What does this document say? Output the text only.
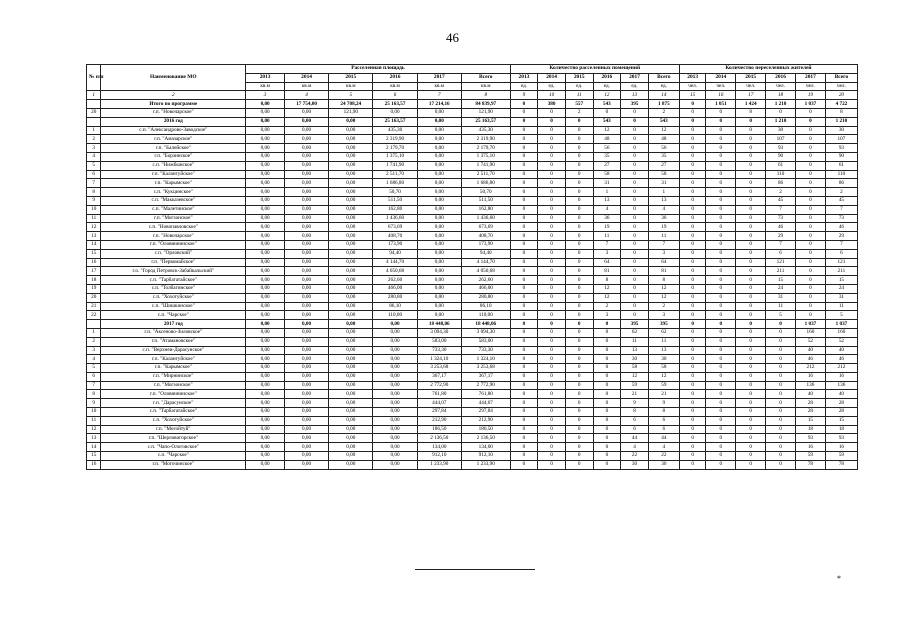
46
№ п/п	Наименование МО	Расселенная площадь						Количество расселенных помещений						Количество переселенных жителей					
		2013	2014	2015	2016	2017	Всего	2013	2014	2015	2016	2017	Всего	2013	2014	2015	2016	2017	Всего
		кв.м	кв.м	кв.м	кв.м	кв.м	кв.м	ед.	ед.	ед.	ед.	ед.	ед.	чел.	чел.	чел.	чел.	чел.	чел.
1	2	3	4	5	6	7	8	9	10	11	12	13	14	15	16	17	18	19	20
	Итого по программе	0,00	17 754,00	24 708,24	25 163,57	17 214,16	84 839,97	0	380	557	543	395	1 875	0	1 051	1 424	1 210	1 037	4 722
20	г.п. "Новочарское"	0,00	0,00	121,90	0,00	0,00	121,90	0	0	2	0	0	2	0	0	8	0	0	8
	2016 год	0,00	0,00	0,00	25 163,57	0,00	25 163,57	0	0	0	543	0	543	0	0	0	1 210	0	1 210
1	с.п. "Александрово-Заводское"	0,00	0,00	0,00	435,30	0,00	435,30	0	0	0	12	0	12	0	0	0	30	0	30
2	г.п. "Амазарское"	0,00	0,00	0,00	2 319,90	0,00	2 319,90	0	0	0	48	0	48	0	0	0	107	0	107
3	г.п. "Балейское"	0,00	0,00	0,00	2 179,70	0,00	2 179,70	0	0	0	56	0	56	0	0	0	93	0	93
4	г.п. "Борзинское"	0,00	0,00	0,00	1 375,10	0,00	1 375,10	0	0	0	35	0	35	0	0	0	90	0	90
5	с.п. "Нижбынское"	0,00	0,00	0,00	1 741,90	0,00	1 741,90	0	0	0	27	0	27	0	0	0	61	0	61
6	г.п. "Калангуйское"	0,00	0,00	0,00	2 511,70	0,00	2 511,70	0	0	0	58	0	58	0	0	0	110	0	110
7	г.п. "Карымское"	0,00	0,00	0,00	1 686,80	0,00	1 686,80	0	0	0	31	0	31	0	0	0	86	0	86
8	с.п. "Кукцинское"	0,00	0,00	0,00	50,70	0,00	50,70	0	0	0	1	0	1	0	0	0	2	0	2
9	с.п. "Макказевское"	0,00	0,00	0,00	511,50	0,00	511,50	0	0	0	13	0	13	0	0	0	45	0	45
10	с.п. "Малетинское"	0,00	0,00	0,00	162,80	0,00	162,80	0	0	0	4	0	4	0	0	0	7	0	7
11	г.п. "Могзонское"	0,00	0,00	0,00	1 436,60	0,00	1 436,60	0	0	0	36	0	36	0	0	0	73	0	73
12	с.п. "Новопавловское"	0,00	0,00	0,00	673,69	0,00	673,69	0	0	0	19	0	19	0	0	0	46	0	46
13	г.п. "Новочарское"	0,00	0,00	0,00	408,70	0,00	408,70	0	0	0	11	0	11	0	0	0	29	0	29
14	г.п. "Оловяннинское"	0,00	0,00	0,00	173,90	0,00	173,90	0	0	0	7	0	7	0	0	0	7	0	7
15	с.п. "Орловский"	0,00	0,00	0,00	94,40	0,00	94,40	0	0	0	3	0	3	0	0	0	6	0	6
16	г.п. "Первомайское"	0,00	0,00	0,00	4 144,70	0,00	4 144,70	0	0	0	64	0	64	0	0	0	121	0	121
17	г.о. "Город Петровск-Забайкальский"	0,00	0,00	0,00	4 050,68	0,00	4 050,68	0	0	0	81	0	81	0	0	0	211	0	211
18	с.п. "Тарбагатайское"	0,00	0,00	0,00	262,60	0,00	262,60	0	0	0	8	0	8	0	0	0	15	0	15
19	с.п. "Толбагинское"	0,00	0,00	0,00	466,00	0,00	466,00	0	0	0	12	0	12	0	0	0	24	0	24
20	с.п. "Хохотуйское"	0,00	0,00	0,00	280,80	0,00	280,80	0	0	0	12	0	12	0	0	0	31	0	31
21	с.п. "Шишкинское"	0,00	0,00	0,00	86,10	0,00	86,10	0	0	0	2	0	2	0	0	0	11	0	11
22	с.п. "Чарское"	0,00	0,00	0,00	110,00	0,00	110,00	0	0	0	3	0	3	0	0	0	5	0	5
	2017 год	0,00	0,00	0,00	0,00	18 448,06	18 448,06	0	0	0	0	395	395	0	0	0	0	1 037	1 037
1	г.п. "Аксеново-Зиловское"	0,00	0,00	0,00	0,00	3 094,30	3 094,30	0	0	0	0	62	62	0	0	0	0	160	160
2	г.п. "Атамановское"	0,00	0,00	0,00	0,00	583,00	583,00	0	0	0	0	11	11	0	0	0	0	52	52
3	с.п. "Верхнеи-Дарасунское"	0,00	0,00	0,00	0,00	733,30	733,30	0	0	0	0	13	13	0	0	0	0	40	40
4	г.п. "Калангуйское"	0,00	0,00	0,00	0,00	1 324,10	1 324,10	0	0	0	0	30	30	0	0	0	0	46	46
5	г.п. "Карымское"	0,00	0,00	0,00	0,00	3 253,68	3 253,68	0	0	0	0	58	58	0	0	0	0	212	212
6	г.п. "Мирнинское"	0,00	0,00	0,00	0,00	367,17	367,17	0	0	0	0	12	12	0	0	0	0	16	16
7	г.п. "Могзонское"	0,00	0,00	0,00	0,00	2 772,90	2 772,90	0	0	0	0	59	59	0	0	0	0	136	136
8	г.п. "Оловяннинское"	0,00	0,00	0,00	0,00	761,80	761,80	0	0	0	0	21	21	0	0	0	0	40	40
9	г.п. "Дарасунское"	0,00	0,00	0,00	0,00	444,07	444,07	0	0	0	0	9	9	0	0	0	0	28	28
10	с.п. "Тарбагатайское"	0,00	0,00	0,00	0,00	297,84	297,84	0	0	0	0	8	8	0	0	0	0	28	28
11	с.п. "Хохотуйское"	0,00	0,00	0,00	0,00	212,90	212,90	0	0	0	0	6	6	0	0	0	0	15	15
12	г.п. "Могойтуй"	0,00	0,00	0,00	0,00	186,50	186,50	0	0	0	0	6	6	0	0	0	0	18	18
13	г.п. "Шерловогорское"	0,00	0,00	0,00	0,00	2 136,50	2 136,50	0	0	0	0	44	44	0	0	0	0	93	93
14	с.п. "Чапо-Ологовское"	0,00	0,00	0,00	0,00	134,00	134,00	0	0	0	0	4	4	0	0	0	0	16	16
15	с.п. "Чарское"	0,00	0,00	0,00	0,00	912,10	912,10	0	0	0	0	22	22	0	0	0	0	59	59
16	г.п. "Могочинское"	0,00	0,00	0,00	0,00	1 233,90	1 233,90	0	0	0	0	30	30	0	0	0	0	78	78
*
